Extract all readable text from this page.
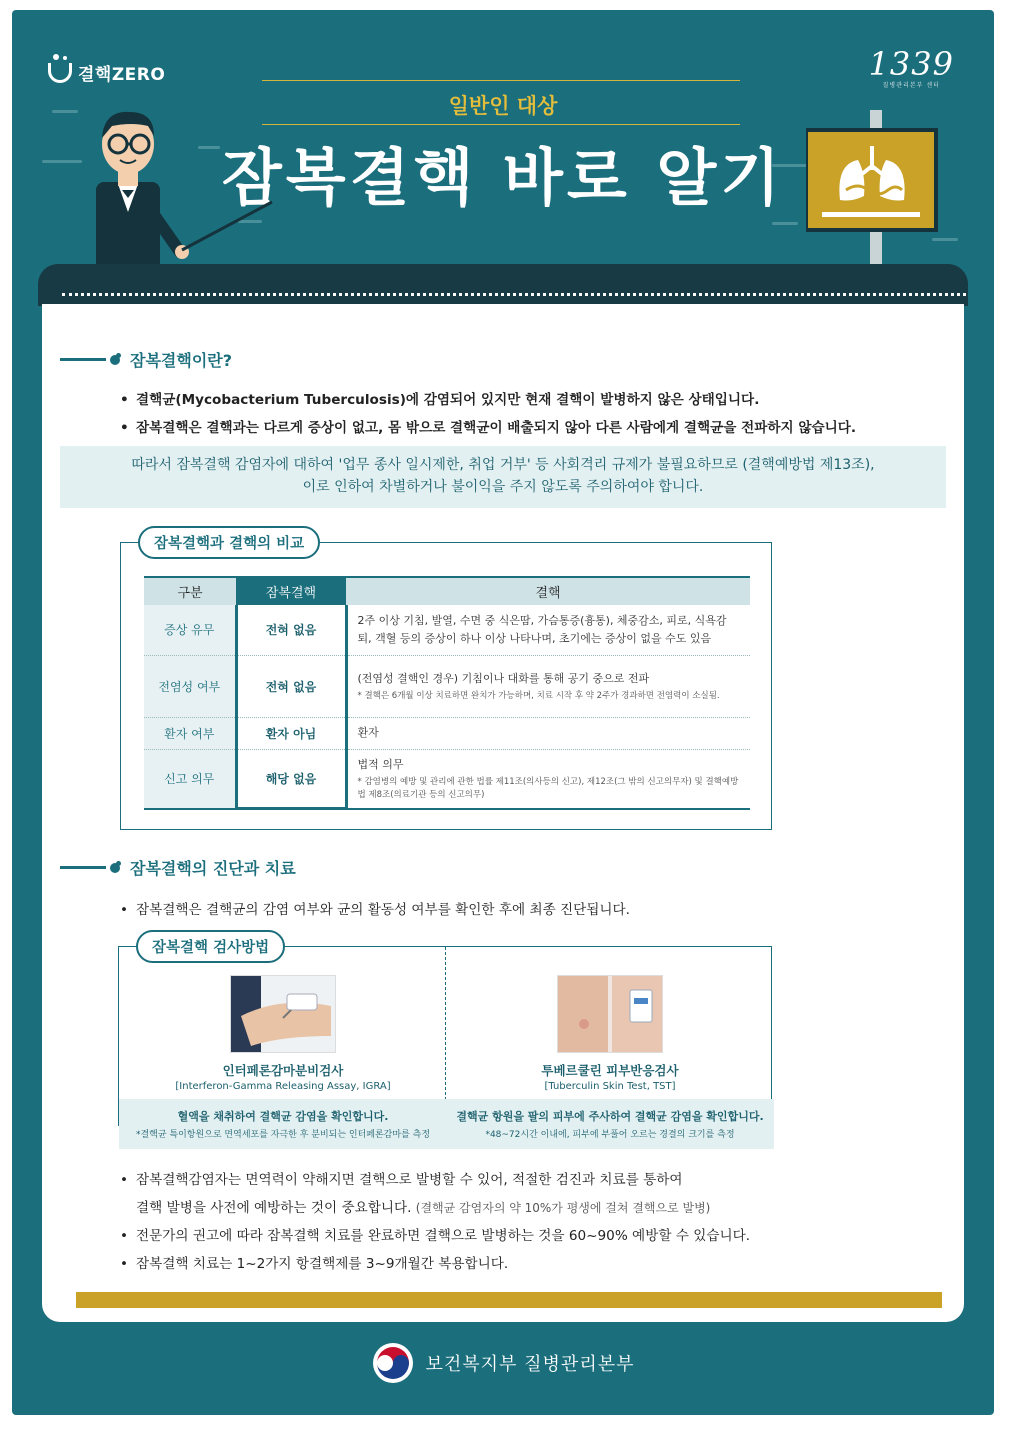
결핵ZERO	1339
질병관리본부 센터
일반인 대상
잠복결핵 바로 알기
잠복결핵이란?
• 결핵균(Mycobacterium Tuberculosis)에 감염되어 있지만 현재 결핵이 발병하지 않은 상태입니다.
• 잠복결핵은 결핵과는 다르게 증상이 없고, 몸 밖으로 결핵균이 배출되지 않아 다른 사람에게 결핵균을 전파하지 않습니다.
따라서 잠복결핵 감염자에 대하여 '업무 종사 일시제한, 취업 거부' 등 사회격리 규제가 불필요하므로 (결핵예방법 제13조),
이로 인하여 차별하거나 불이익을 주지 않도록 주의하여야 합니다.
잠복결핵과 결핵의 비교
구분	잠복결핵	결핵
증상 유무	전혀 없음	2주 이상 기침, 발열, 수면 중 식은땀, 가슴통증(흉통), 체중감소, 피로, 식욕감퇴, 객혈 등의 증상이 하나 이상 나타나며, 초기에는 증상이 없을 수도 있음
전염성 여부	전혀 없음	(전염성 결핵인 경우) 기침이나 대화를 통해 공기 중으로 전파
* 결핵은 6개월 이상 치료하면 완치가 가능하며, 치료 시작 후 약 2주가 경과하면 전염력이 소실됨.

환자 여부	환자 아님	환자
신고 의무	해당 없음	법적 의무
* 감염병의 예방 및 관리에 관한 법률 제11조(의사등의 신고), 제12조(그 밖의 신고의무자) 및 결핵예방법 제8조(의료기관 등의 신고의무)
잠복결핵의 진단과 치료
• 잠복결핵은 결핵균의 감염 여부와 균의 활동성 여부를 확인한 후에 최종 진단됩니다.
인터페론감마분비검사
[Interferon-Gamma Releasing Assay, IGRA]
혈액을 채취하여 결핵균 감염을 확인합니다.
*결핵균 특이항원으로 면역세포를 자극한 후 분비되는 인터페론감마를 측정
투베르쿨린 피부반응검사
[Tuberculin Skin Test, TST]
결핵균 항원을 팔의 피부에 주사하여 결핵균 감염을 확인합니다.
*48~72시간 이내에, 피부에 부풀어 오르는 경결의 크기를 측정
잠복결핵 검사방법
• 잠복결핵감염자는 면역력이 약해지면 결핵으로 발병할 수 있어, 적절한 검진과 치료를 통하여
결핵 발병을 사전에 예방하는 것이 중요합니다. (결핵균 감염자의 약 10%가 평생에 걸쳐 결핵으로 발병)
• 전문가의 권고에 따라 잠복결핵 치료를 완료하면 결핵으로 발병하는 것을 60~90% 예방할 수 있습니다.
• 잠복결핵 치료는 1~2가지 항결핵제를 3~9개월간 복용합니다.
보건복지부 질병관리본부
